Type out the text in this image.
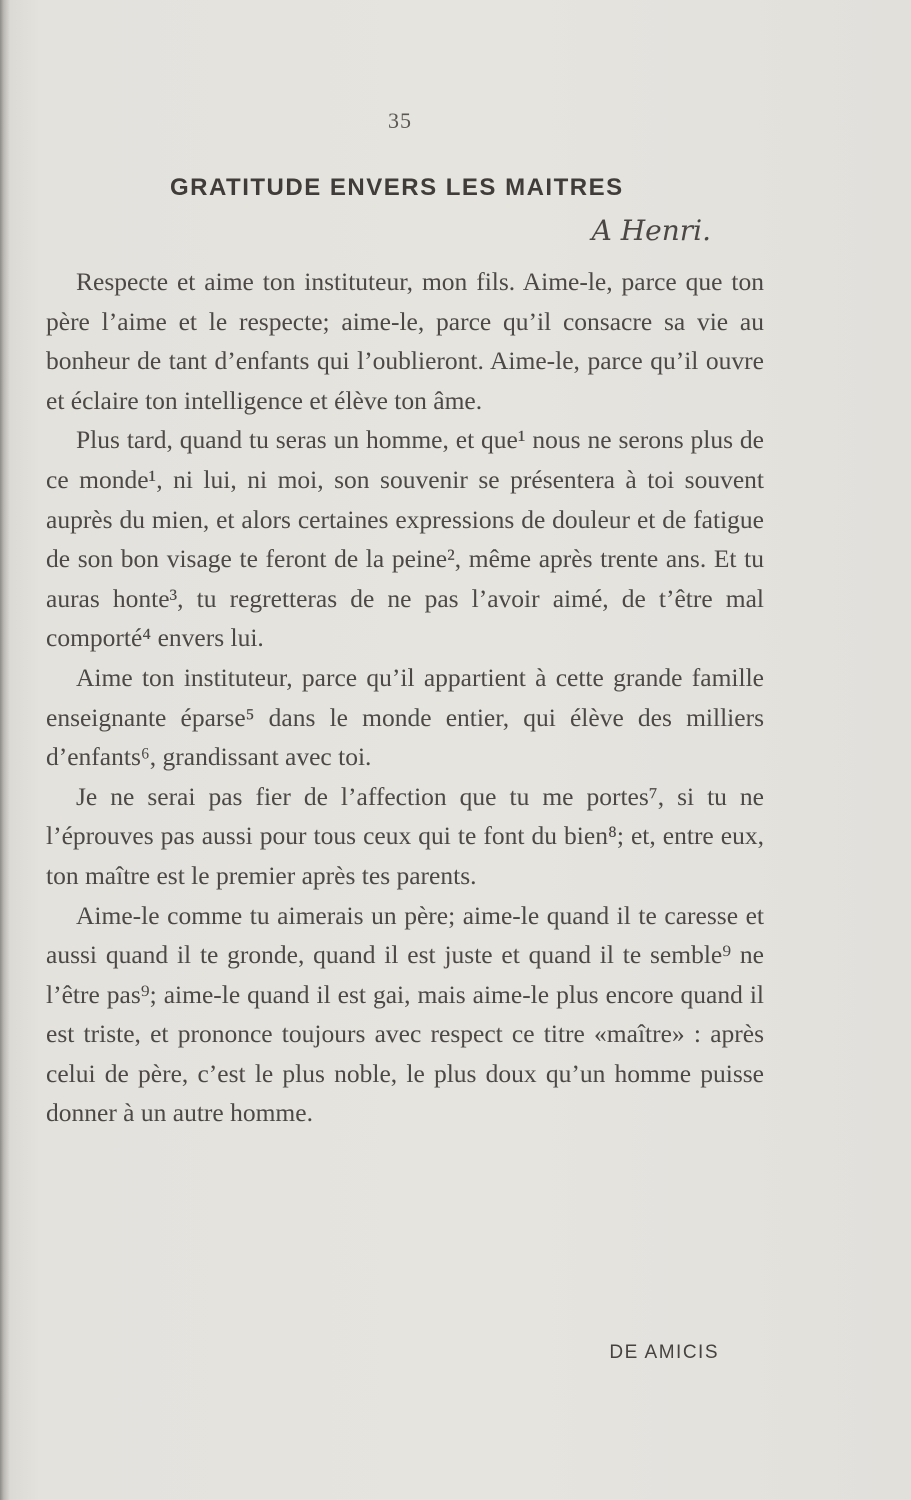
35
GRATITUDE ENVERS LES MAITRES
A Henri.

Respecte et aime ton instituteur, mon fils. Aime-le, parce que ton père l’aime et le respecte; aime-le, parce qu’il consacre sa vie au bonheur de tant d’enfants qui l’oublieront. Aime-le, parce qu’il ouvre et éclaire ton intelligence et élève ton âme.

Plus tard, quand tu seras un homme, et que¹ nous ne serons plus de ce monde¹, ni lui, ni moi, son souvenir se présentera à toi souvent auprès du mien, et alors certaines expressions de douleur et de fatigue de son bon visage te feront de la peine², même après trente ans. Et tu auras honte³, tu regretteras de ne pas l’avoir aimé, de t’être mal comporté⁴ envers lui.

Aime ton instituteur, parce qu’il appartient à cette grande famille enseignante éparse⁵ dans le monde entier, qui élève des milliers d’enfants⁶, grandissant avec toi.

Je ne serai pas fier de l’affection que tu me portes⁷, si tu ne l’éprouves pas aussi pour tous ceux qui te font du bien⁸; et, entre eux, ton maître est le premier après tes parents.

Aime-le comme tu aimerais un père; aime-le quand il te caresse et aussi quand il te gronde, quand il est juste et quand il te semble⁹ ne l’être pas⁹; aime-le quand il est gai, mais aime-le plus encore quand il est triste, et prononce toujours avec respect ce titre «maître» : après celui de père, c’est le plus noble, le plus doux qu’un homme puisse donner à un autre homme.

DE AMICIS
